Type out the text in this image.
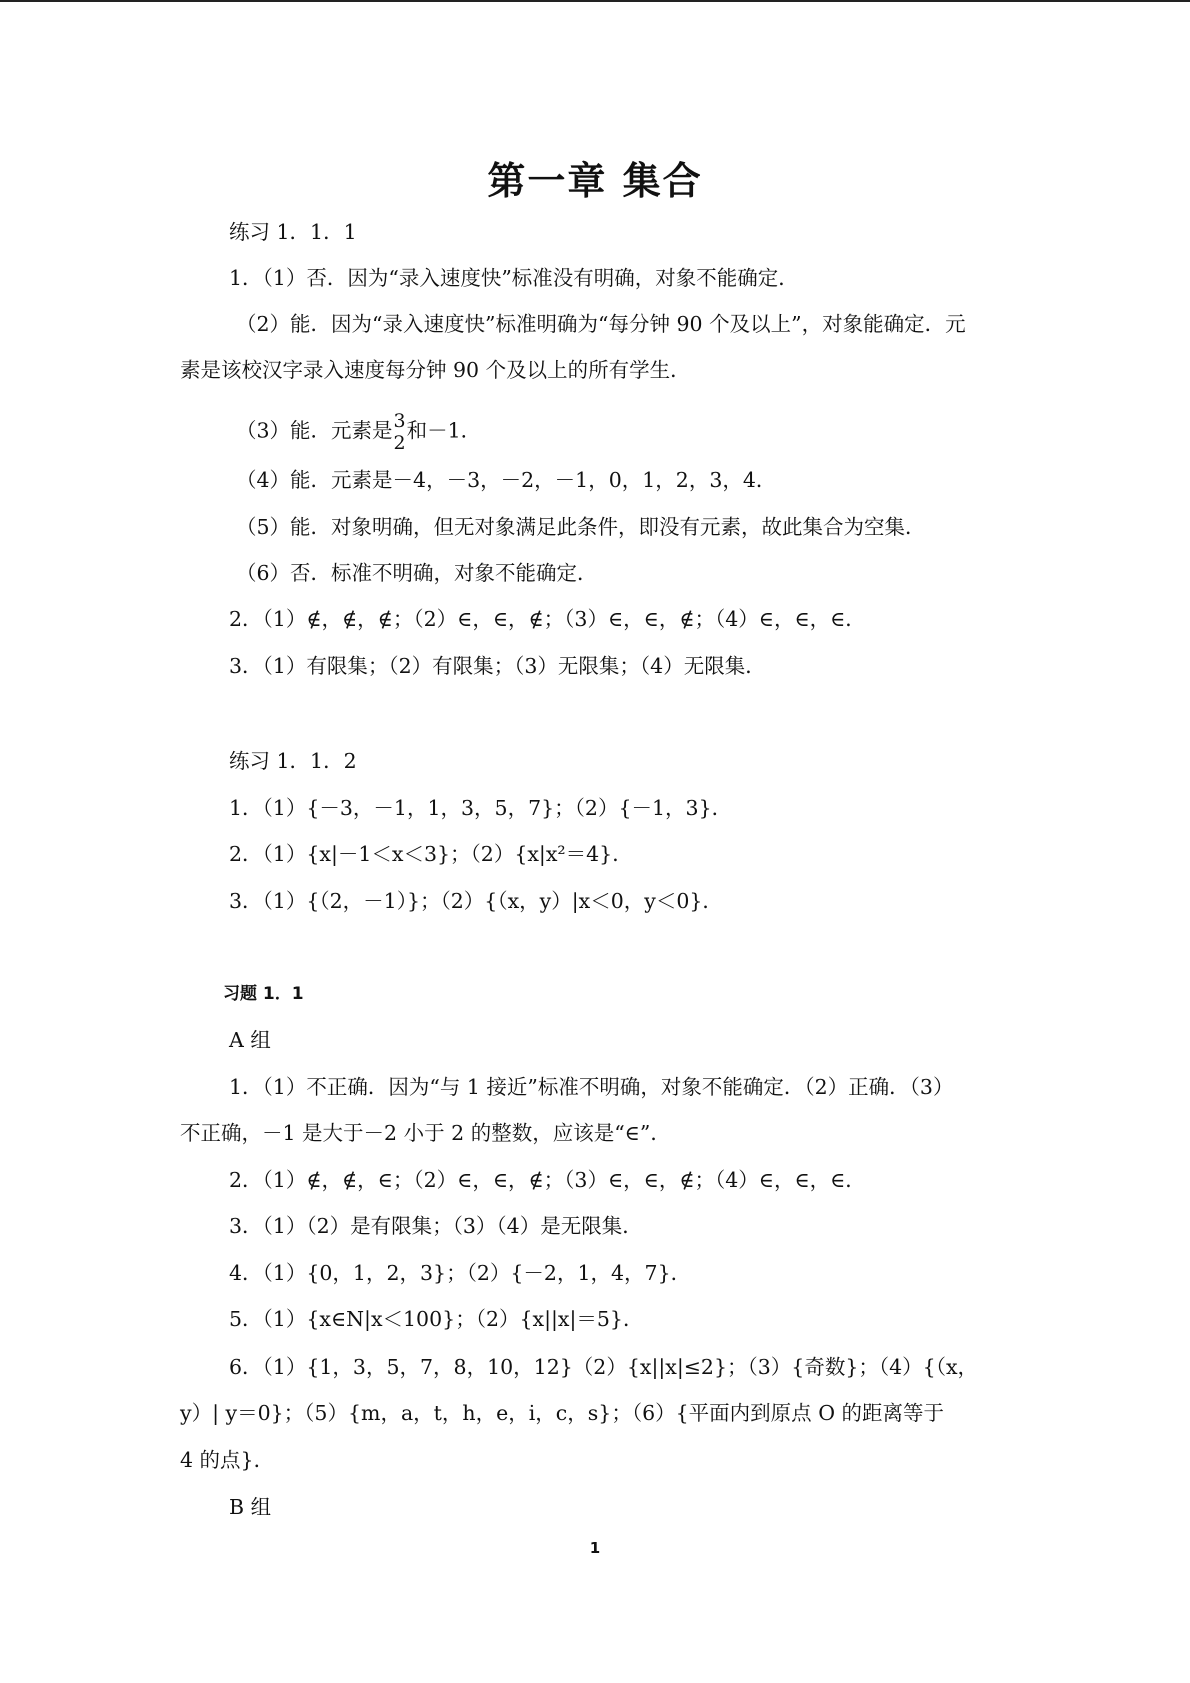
第一章 集合
练习 1．1．1
1．（1）否．因为“录入速度快”标准没有明确，对象不能确定．
（2）能．因为“录入速度快”标准明确为“每分钟 90 个及以上”，对象能确定．元
素是该校汉字录入速度每分钟 90 个及以上的所有学生．
（3）能．元素是 3
2
和－1．
（4）能．元素是－4，－3，－2，－1，0，1，2，3，4．
（5）能．对象明确，但无对象满足此条件，即没有元素，故此集合为空集．
（6）否．标准不明确，对象不能确定．
2．（1）∉，∉，∉；（2）∈，∈，∉；（3）∈，∈，∉；（4）∈，∈，∈．
3．（1）有限集；（2）有限集；（3）无限集；（4）无限集．
练习 1．1．2
1．（1）{－3，－1，1，3，5，7}；（2）{－1，3}．
2．（1）{x|－1＜x＜3}；（2）{x|x²＝4}．
3．（1）{（2，－1）}；（2）{（x，y）|x＜0，y＜0}．
习题 1．1
A 组
1．（1）不正确．因为“与 1 接近”标准不明确，对象不能确定．（2）正确．（3）
不正确，－1 是大于－2 小于 2 的整数，应该是“∈”．
2．（1）∉，∉，∈；（2）∈，∈，∉；（3）∈，∈，∉；（4）∈，∈，∈．
3．（1）（2）是有限集；（3）（4）是无限集．
4．（1）{0，1，2，3}；（2）{－2，1，4，7}．
5．（1）{x∈N|x＜100}；（2）{x||x|＝5}．
6．（1）{1，3，5，7，8，10，12}（2）{x||x|≤2}；（3）{奇数}；（4）{（x，
y）| y＝0}；（5）{m，a，t，h，e，i，c，s}；（6）{平面内到原点 O 的距离等于
4 的点}．
B 组
1
